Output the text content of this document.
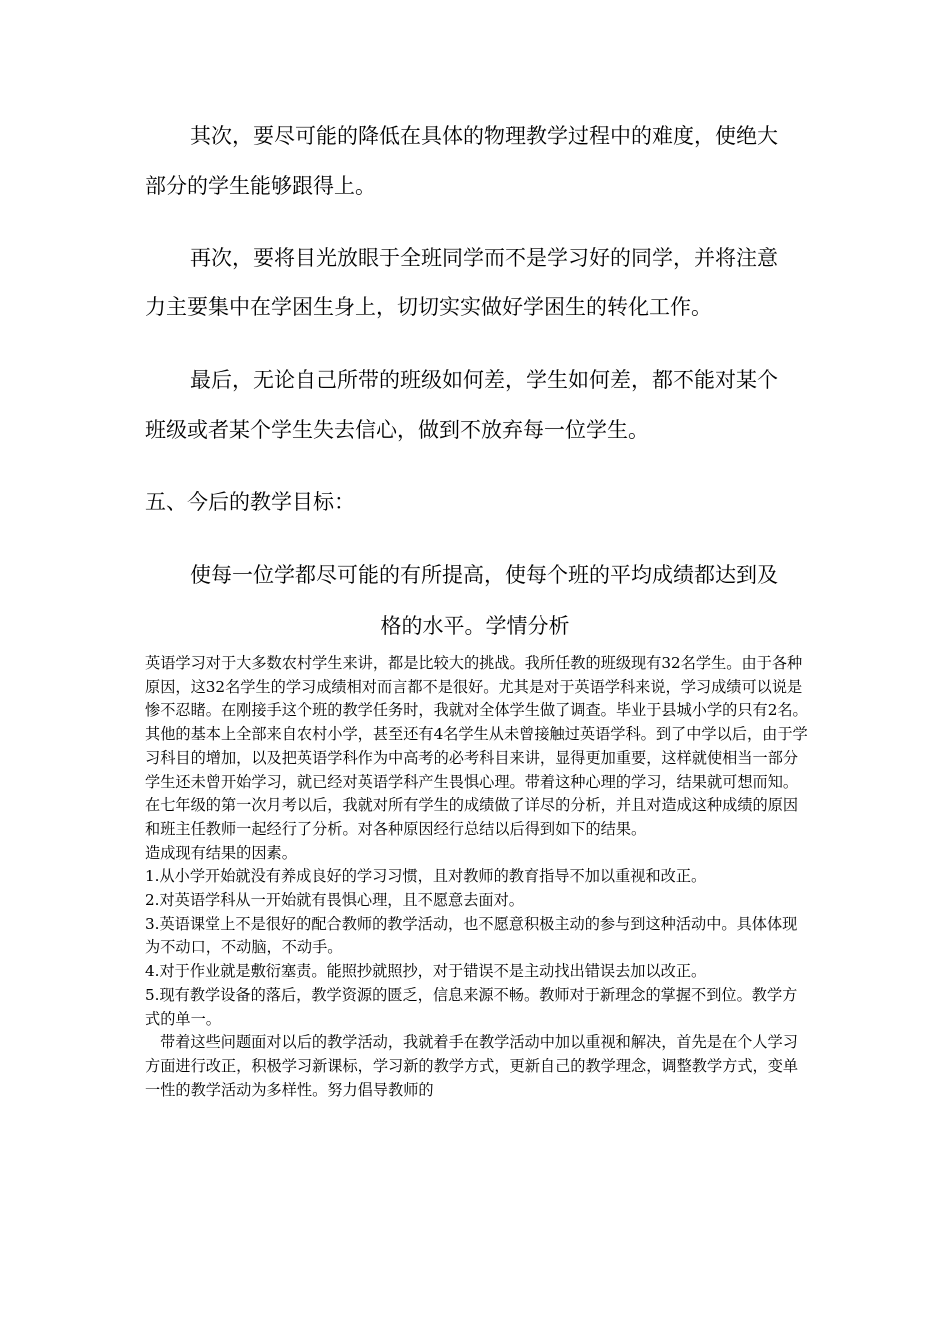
其次，要尽可能的降低在具体的物理教学过程中的难度，使绝大
部分的学生能够跟得上。
再次，要将目光放眼于全班同学而不是学习好的同学，并将注意
力主要集中在学困生身上，切切实实做好学困生的转化工作。
最后，无论自己所带的班级如何差，学生如何差，都不能对某个
班级或者某个学生失去信心，做到不放弃每一位学生。
五、今后的教学目标：
使每一位学都尽可能的有所提高，使每个班的平均成绩都达到及
格的水平。学情分析

英语学习对于大多数农村学生来讲，都是比较大的挑战。我所任教的班级现有32名学生。由于各种原因，这32名学生的学习成绩相对而言都不是很好。尤其是对于英语学科来说，学习成绩可以说是惨不忍睹。在刚接手这个班的教学任务时，我就对全体学生做了调查。毕业于县城小学的只有2名。其他的基本上全部来自农村小学，甚至还有4名学生从未曾接触过英语学科。到了中学以后，由于学习科目的增加，以及把英语学科作为中高考的必考科目来讲，显得更加重要，这样就使相当一部分学生还未曾开始学习，就已经对英语学科产生畏惧心理。带着这种心理的学习，结果就可想而知。在七年级的第一次月考以后，我就对所有学生的成绩做了详尽的分析，并且对造成这种成绩的原因和班主任教师一起经行了分析。对各种原因经行总结以后得到如下的结果。

造成现有结果的因素。

1.从小学开始就没有养成良好的学习习惯，且对教师的教育指导不加以重视和改正。

2.对英语学科从一开始就有畏惧心理，且不愿意去面对。

3.英语课堂上不是很好的配合教师的教学活动，也不愿意积极主动的参与到这种活动中。具体体现为不动口，不动脑，不动手。

4.对于作业就是敷衍塞责。能照抄就照抄，对于错误不是主动找出错误去加以改正。

5.现有教学设备的落后，教学资源的匮乏，信息来源不畅。教师对于新理念的掌握不到位。教学方式的单一。

带着这些问题面对以后的教学活动，我就着手在教学活动中加以重视和解决，首先是在个人学习方面进行改正，积极学习新课标，学习新的教学方式，更新自己的教学理念，调整教学方式，变单一性的教学活动为多样性。努力倡导教师的
